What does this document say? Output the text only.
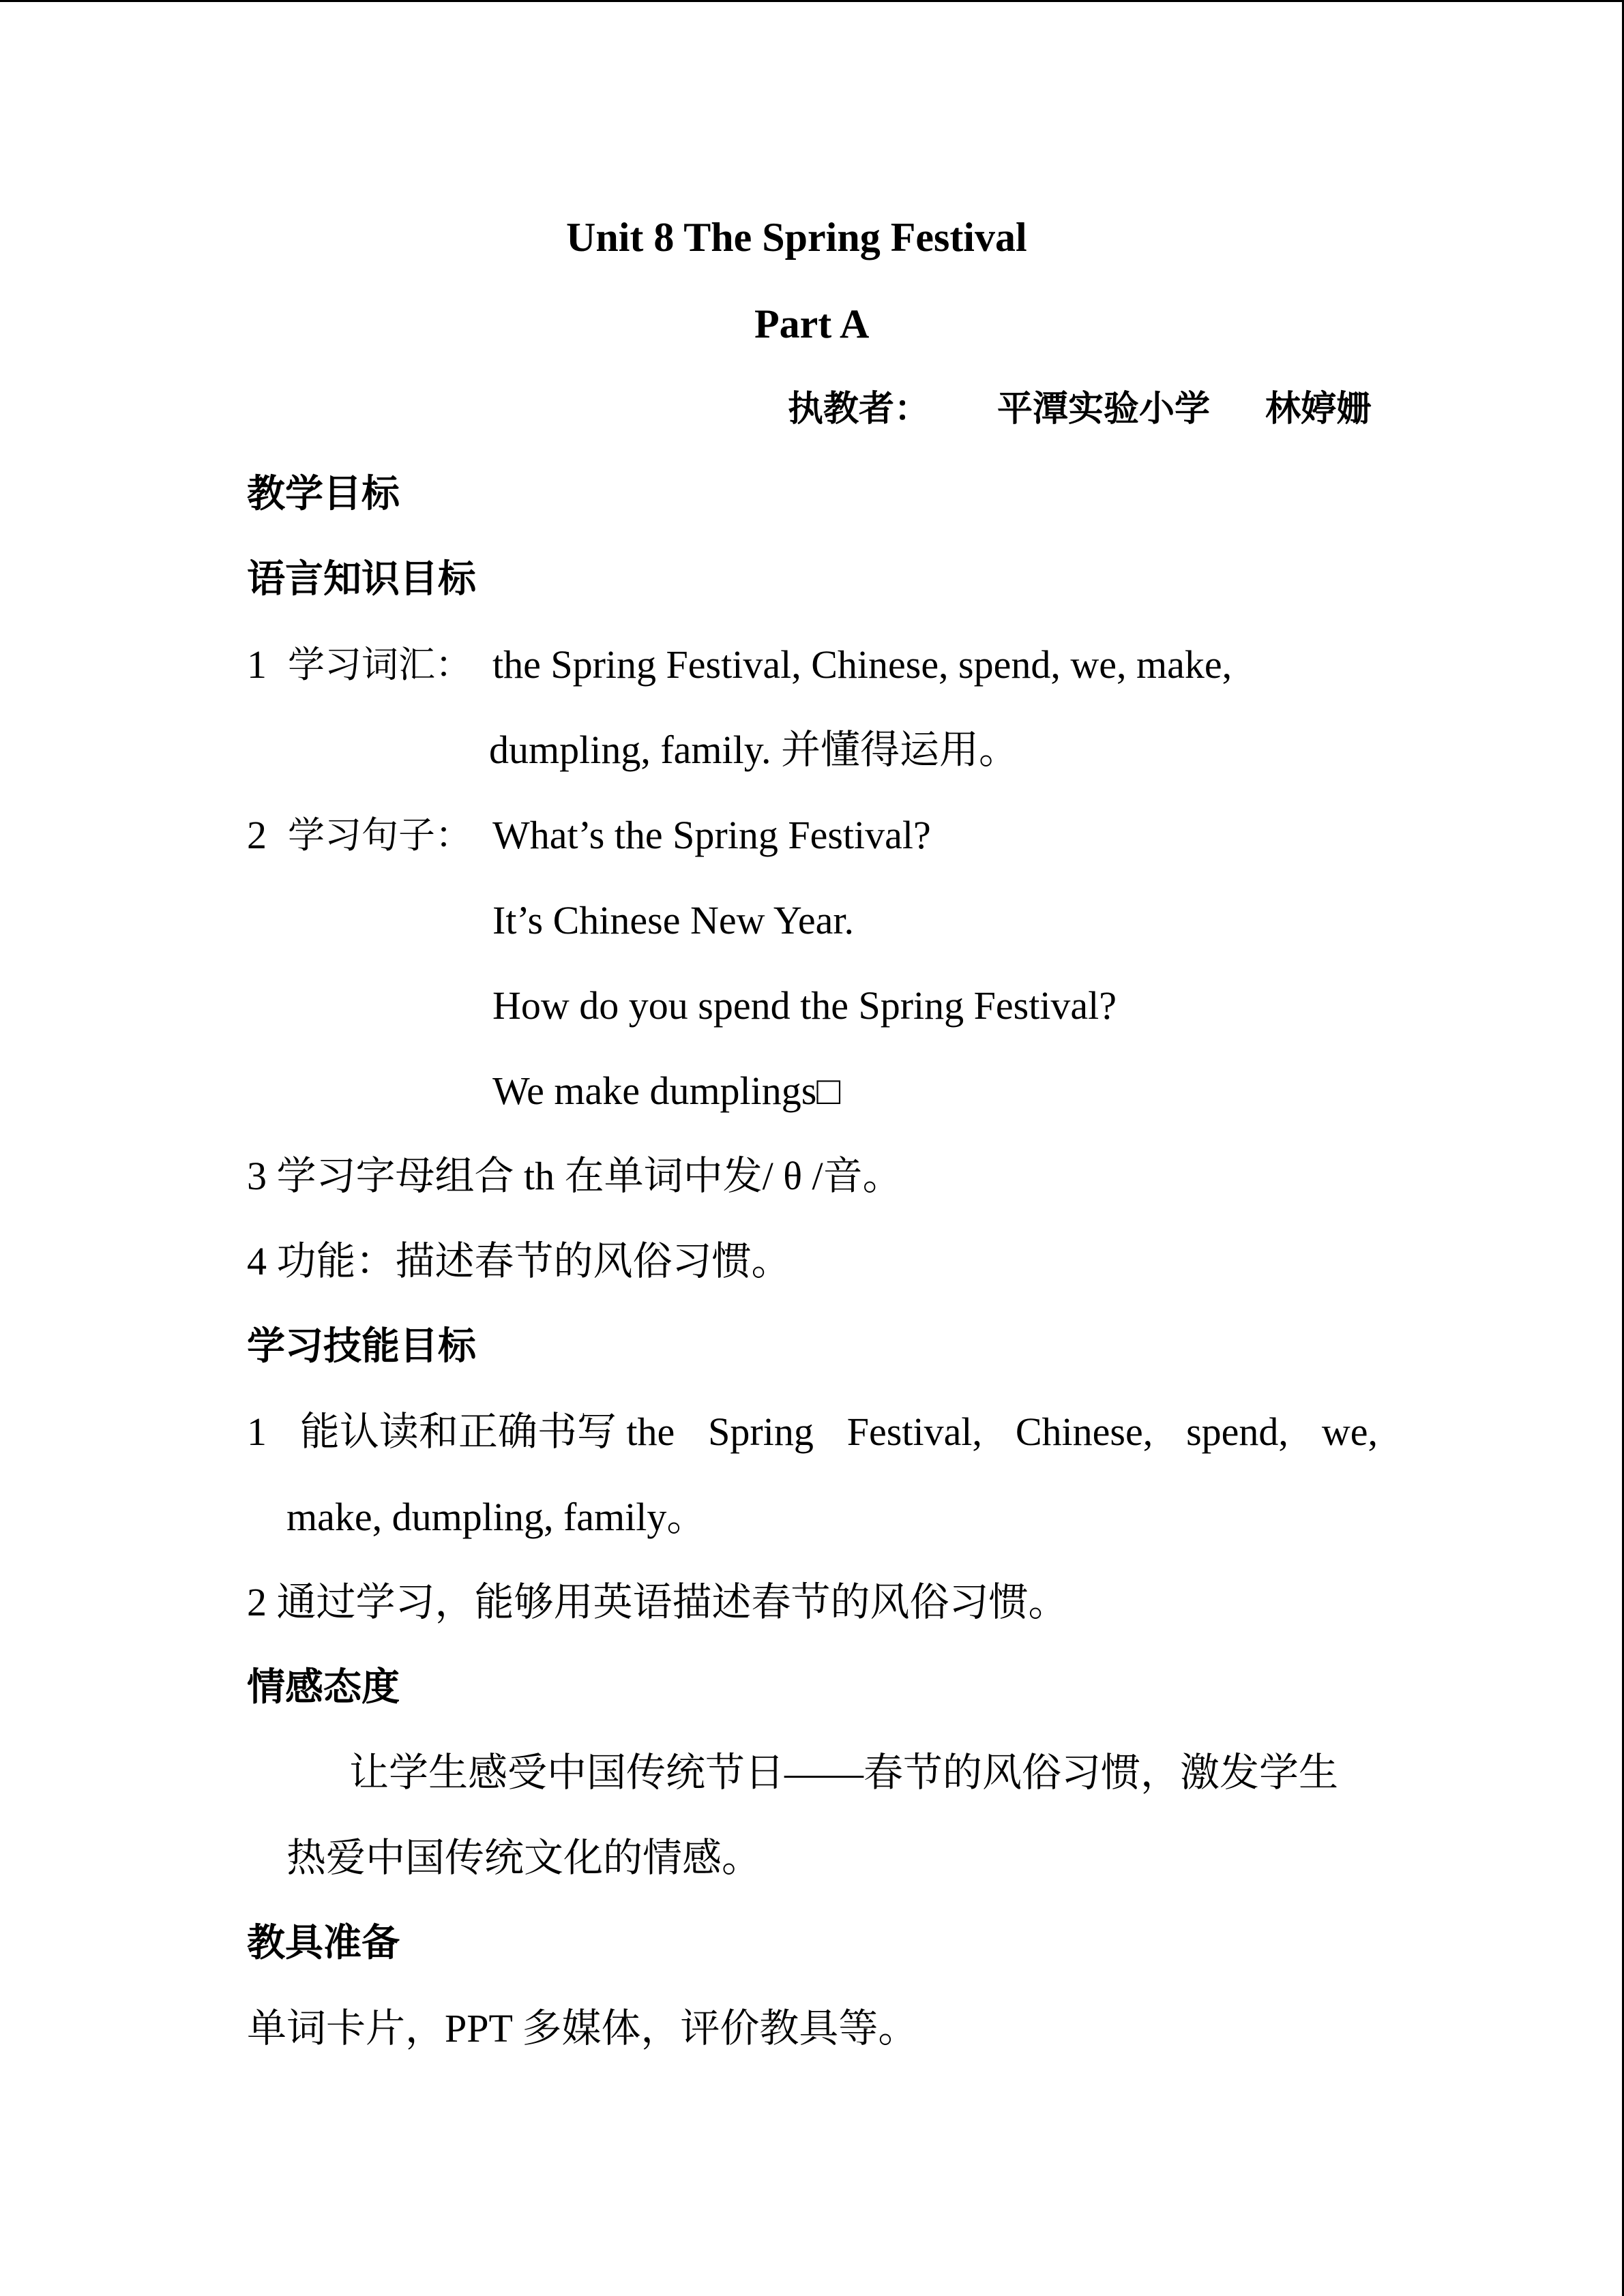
Unit 8 The Spring Festival
Part A
执教者： 平潭实验小学 林婷姗
教学目标
语言知识目标
1 学习词汇： the Spring Festival, Chinese, spend, we, make,
dumpling, family. 并懂得运用。
2 学习句子： What’s the Spring Festival?
It’s Chinese New Year.
How do you spend the Spring Festival?
We make dumplings□
3 学习字母组合 th 在单词中发/ θ /音。
4 功能：描述春节的风俗习惯。
学习技能目标
1 能认读和正确书写 the Spring Festival, Chinese, spend, we,
make, dumpling, family。
2 通过学习，能够用英语描述春节的风俗习惯。
情感态度
让学生感受中国传统节日——春节的风俗习惯，激发学生
热爱中国传统文化的情感。
教具准备
单词卡片，PPT 多媒体，评价教具等。
